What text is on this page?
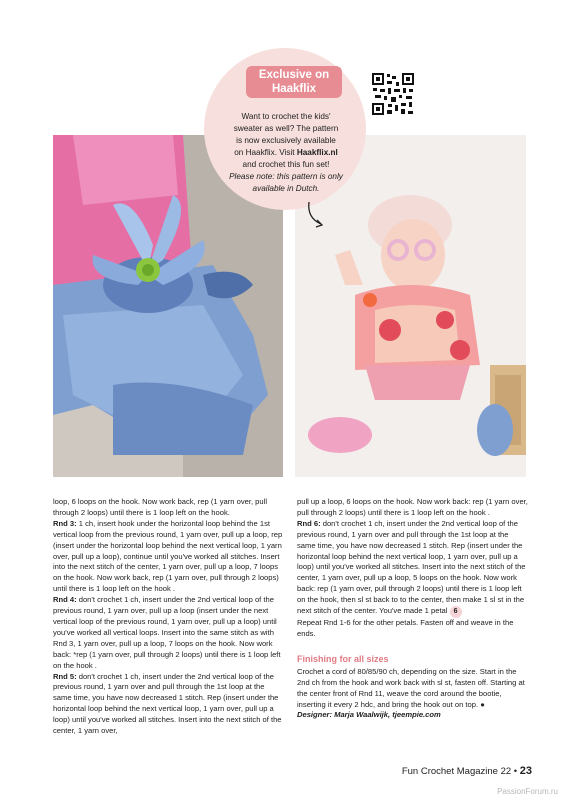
Exclusive on
Haakflix
Want to crochet the kids'
sweater as well? The pattern
is now exclusively available
on Haakflix. Visit Haakflix.nl
and crochet this fun set!
Please note: this pattern is only
available in Dutch.

loop, 6 loops on the hook. Now work back, rep (1 yarn over, pull through 2 loops) until there is 1 loop left on the hook.

Rnd 3: 1 ch, insert hook under the horizontal loop behind the 1st vertical loop from the previous round, 1 yarn over, pull up a loop, rep (insert under the horizontal loop behind the next vertical loop, 1 yarn over, pull up a loop), continue until you've worked all stitches. Insert into the next stitch of the center, 1 yarn over, pull up a loop, 7 loops on the hook. Now work back, rep (1 yarn over, pull through 2 loops) until there is 1 loop left on the hook .

Rnd 4: don't crochet 1 ch, insert under the 2nd vertical loop of the previous round, 1 yarn over, pull up a loop (insert under the next vertical loop of the previous round, 1 yarn over, pull up a loop) until you've worked all vertical loops. Insert into the same stitch as with Rnd 3, 1 yarn over, pull up a loop, 7 loops on the hook. Now work back: *rep (1 yarn over, pull through 2 loops) until there is 1 loop left on the hook .

Rnd 5: don't crochet 1 ch, insert under the 2nd vertical loop of the previous round, 1 yarn over and pull through the 1st loop at the same time, you have now decreased 1 stitch. Rep (insert under the horizontal loop behind the next vertical loop, 1 yarn over, pull up a loop) until you've worked all stitches. Insert into the next stitch of the center, 1 yarn over,

pull up a loop, 6 loops on the hook. Now work back: rep (1 yarn over, pull through 2 loops) until there is 1 loop left on the hook .

Rnd 6: don't crochet 1 ch, insert under the 2nd vertical loop of the previous round, 1 yarn over and pull through the 1st loop at the same time, you have now decreased 1 stitch. Rep (insert under the horizontal loop behind the next vertical loop, 1 yarn over, pull up a loop) until you've worked all stitches. Insert into the next stitch of the center, 1 yarn over, pull up a loop, 5 loops on the hook. Now work back: rep (1 yarn over, pull through 2 loops) until there is 1 loop left on the hook, then sl st back to to the center, then make 1 sl st in the next stitch of the center. You've made 1 petal 6

Repeat Rnd 1-6 for the other petals. Fasten off and weave in the ends.

Finishing for all sizes

Crochet a cord of 80/85/90 ch, depending on the size. Start in the 2nd ch from the hook and work back with sl st, fasten off. Starting at the center front of Rnd 11, weave the cord around the bootie, inserting it every 2 hdc, and bring the hook out on top. ●

Designer: Marja Waalwijk, tjeempie.com

Fun Crochet Magazine 22 • 23
PassionForum.ru
